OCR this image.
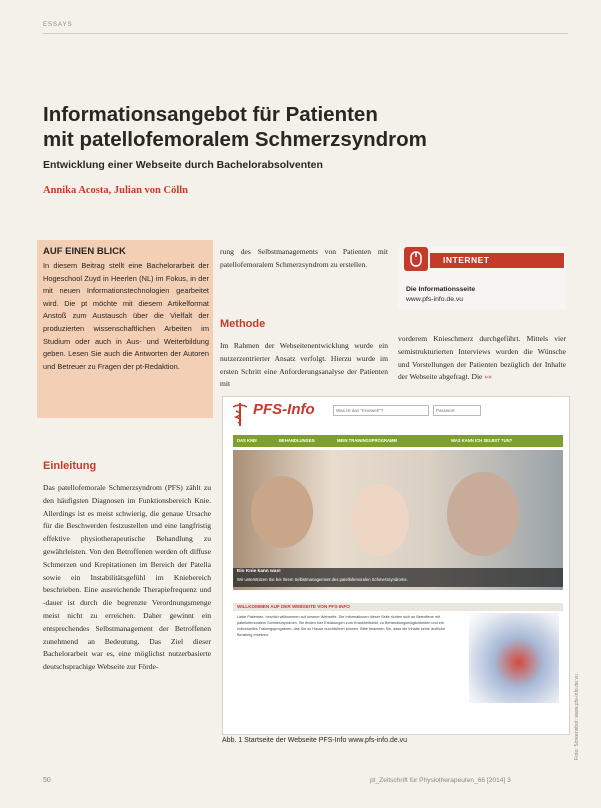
ESSAYS
Informationsangebot für Patienten
mit patellofemoralem Schmerzsyndrom
Entwicklung einer Webseite durch Bachelorabsolventen
Annika Acosta, Julian von Cölln
AUF EINEN BLICK
In diesem Beitrag stellt eine Bachelorarbeit der Hogeschool Zuyd in Heerlen (NL) im Fokus, in der mit neuen Informationstechnologien gearbeitet wird. Die pt möchte mit diesem Artikelformat Anstoß zum Austausch über die Vielfalt der produzierten wissenschaftlichen Arbeiten im Studium oder auch in Aus- und Weiterbildung geben. Lesen Sie auch die Antworten der Autoren und Betreuer zu Fragen der pt-Redaktion.
rung des Selbstmanagements von Patienten mit patellofemoralem Schmerzsyndrom zu erstellen.
Methode
Im Rahmen der Webseitenentwicklung wurde ein nutzerzentrierter Ansatz verfolgt. Hierzu wurde im ersten Schritt eine Anforderungsanalyse der Patienten mit
INTERNET
Die Informationsseite
www.pfs-info.de.vu
vorderem Knieschmerz durchgeführt. Mittels vier semistrukturierten Interviews wurden die Wünsche und Vorstellungen der Patienten bezüglich der Inhalte der Webseite abgefragt. Die »»
Einleitung
Das patellofemorale Schmerzsyndrom (PFS) zählt zu den häufigsten Diagnosen im Funktionsbereich Knie. Allerdings ist es meist schwierig, die genaue Ursache für die Beschwerden festzustellen und eine langfristig effektive physiotherapeutische Behandlung zu gewährleisten. Von den Betroffenen werden oft diffuse Schmerzen und Krepitationen im Bereich der Patella sowie ein Instabilitätsgefühl im Kniebereich beschrieben. Eine ausreichende Therapiefrequenz und -dauer ist durch die begrenzte Verordnungsmenge meist nicht zu erreichen. Daher gewinnt ein entsprechendes Selbstmanagement der Betroffenen zunehmend an Bedeutung. Das Ziel dieser Bachelorarbeit war es, eine möglichst nutzerbasierte deutschsprachige Webseite zur Förde-
PFS-Info	Was ist das "Knieweh"?	Passwort
DAS KNIE	BEHANDLUNGEN	MEIN TRAININGSPROGRAMM	WAS KANN ICH SELBST TUN?
Ein Knie kann was!
Wir unterstützen Sie bei Ihrem Selbstmanagement des patellofemoralen Schmerzsyndroms.
WILLKOMMEN AUF DER WEBSEITE VON PFS-INFO
Liebe Patienten, herzlich willkommen auf unserer Webseite. Die Informationen dieser Seite richten sich an Betroffene mit patellofemoralem Schmerzsyndrom. Sie finden hier Erklärungen zum Krankheitsbild, zu Behandlungsmöglichkeiten und ein individuelles Trainingsprogramm, das Sie zu Hause durchführen können. Bitte beachten Sie, dass die Inhalte keine ärztliche Beratung ersetzen.
Abb. 1 Startseite der Webseite PFS-Info www.pfs-info.de.vu	Foto: Screenshot: www.pfs-info.de.vu
50	pt_Zeitschrift für Physiotherapeuten_66 [2014] 3
